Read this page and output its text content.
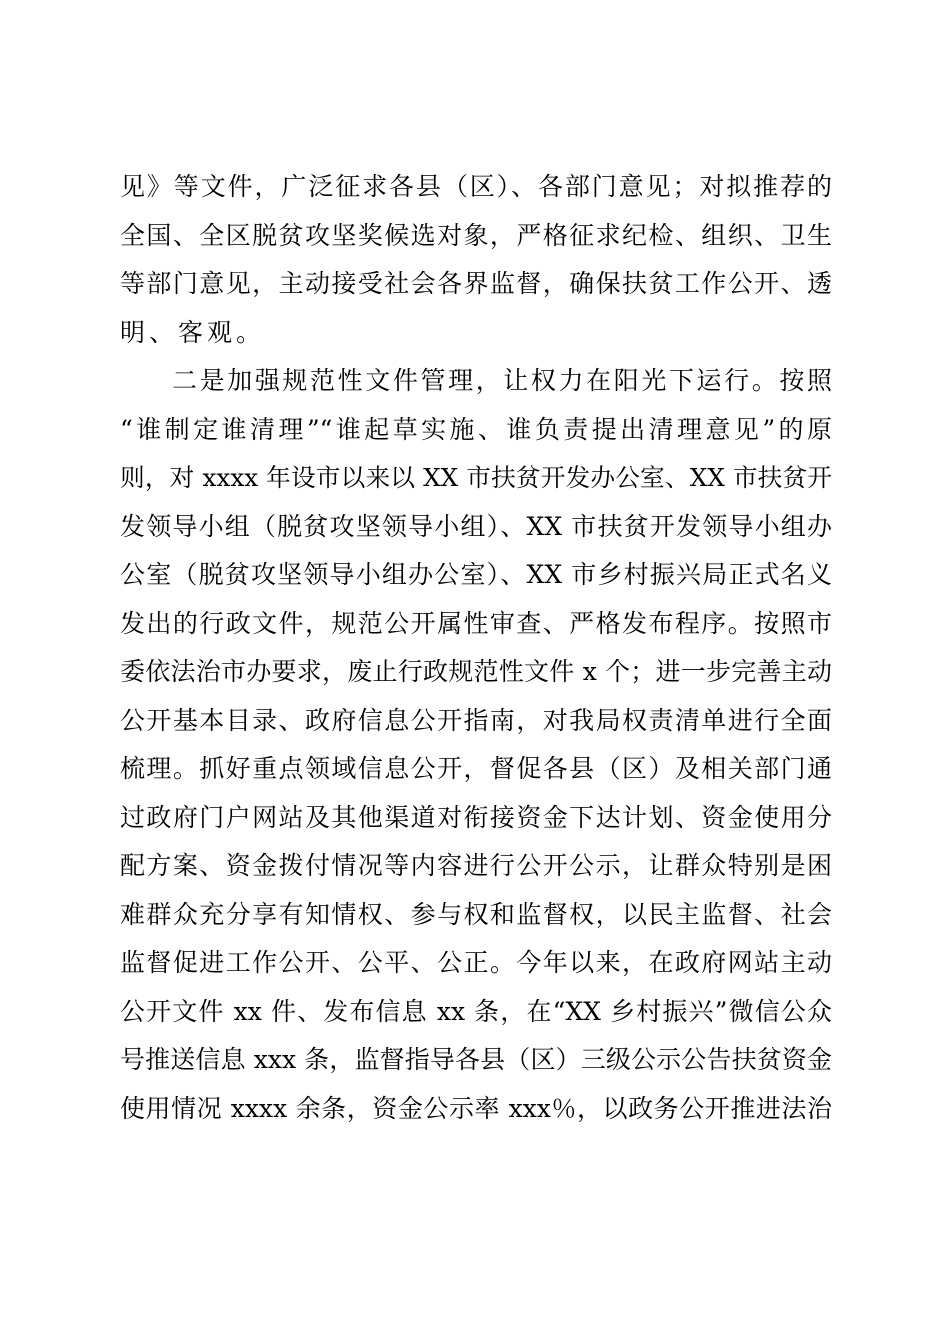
见》等文件，广泛征求各县（区）、各部门意见；对拟推荐的
全国、全区脱贫攻坚奖候选对象，严格征求纪检、组织、卫生
等部门意见，主动接受社会各界监督，确保扶贫工作公开、透
明、客观。
二是加强规范性文件管理，让权力在阳光下运行。按照
“谁制定谁清理”“谁起草实施、谁负责提出清理意见”的原
则，对 xxxx 年设市以来以 XX 市扶贫开发办公室、XX 市扶贫开
发领导小组（脱贫攻坚领导小组）、XX 市扶贫开发领导小组办
公室（脱贫攻坚领导小组办公室）、XX 市乡村振兴局正式名义
发出的行政文件，规范公开属性审查、严格发布程序。按照市
委依法治市办要求，废止行政规范性文件 x 个；进一步完善主动
公开基本目录、政府信息公开指南，对我局权责清单进行全面
梳理。抓好重点领域信息公开，督促各县（区）及相关部门通
过政府门户网站及其他渠道对衔接资金下达计划、资金使用分
配方案、资金拨付情况等内容进行公开公示，让群众特别是困
难群众充分享有知情权、参与权和监督权，以民主监督、社会
监督促进工作公开、公平、公正。今年以来，在政府网站主动
公开文件 xx 件、发布信息 xx 条，在“XX 乡村振兴”微信公众
号推送信息 xxx 条，监督指导各县（区）三级公示公告扶贫资金
使用情况 xxxx 余条，资金公示率 xxx％，以政务公开推进法治
